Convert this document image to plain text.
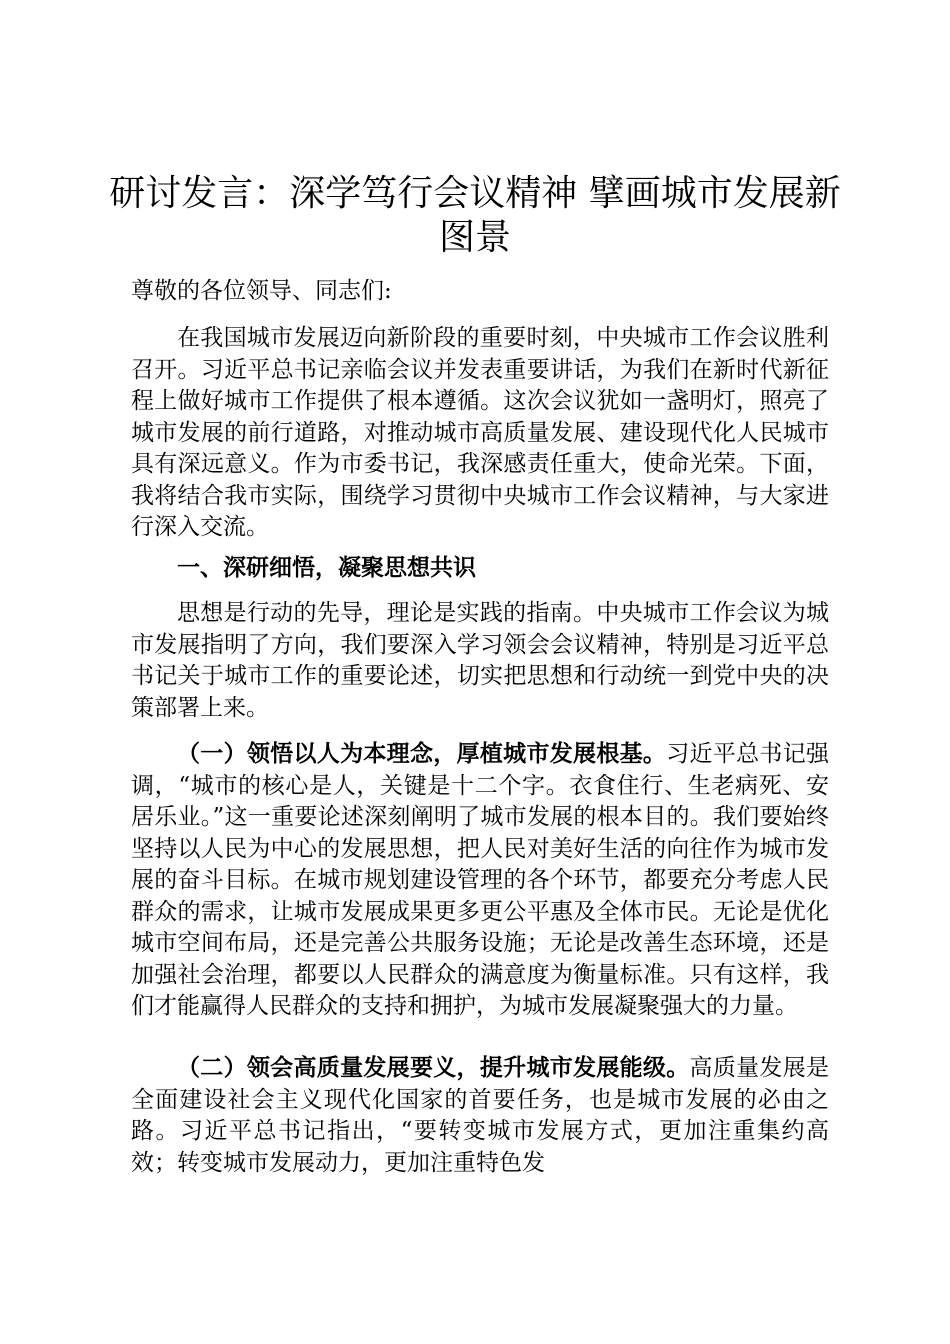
研讨发言：深学笃行会议精神 擘画城市发展新图景

尊敬的各位领导、同志们:

在我国城市发展迈向新阶段的重要时刻，中央城市工作会议胜利召开。习近平总书记亲临会议并发表重要讲话，为我们在新时代新征程上做好城市工作提供了根本遵循。这次会议犹如一盏明灯，照亮了城市发展的前行道路，对推动城市高质量发展、建设现代化人民城市具有深远意义。作为市委书记，我深感责任重大，使命光荣。下面，我将结合我市实际，围绕学习贯彻中央城市工作会议精神，与大家进行深入交流。

一、深研细悟，凝聚思想共识

思想是行动的先导，理论是实践的指南。中央城市工作会议为城市发展指明了方向，我们要深入学习领会会议精神，特别是习近平总书记关于城市工作的重要论述，切实把思想和行动统一到党中央的决策部署上来。

（一）领悟以人为本理念，厚植城市发展根基。习近平总书记强调，“城市的核心是人，关键是十二个字。衣食住行、生老病死、安居乐业。”这一重要论述深刻阐明了城市发展的根本目的。我们要始终坚持以人民为中心的发展思想，把人民对美好生活的向往作为城市发展的奋斗目标。在城市规划建设管理的各个环节，都要充分考虑人民群众的需求，让城市发展成果更多更公平惠及全体市民。无论是优化城市空间布局，还是完善公共服务设施；无论是改善生态环境，还是加强社会治理，都要以人民群众的满意度为衡量标准。只有这样，我们才能赢得人民群众的支持和拥护，为城市发展凝聚强大的力量。

（二）领会高质量发展要义，提升城市发展能级。高质量发展是全面建设社会主义现代化国家的首要任务，也是城市发展的必由之路。习近平总书记指出，“要转变城市发展方式，更加注重集约高效；转变城市发展动力，更加注重特色发
